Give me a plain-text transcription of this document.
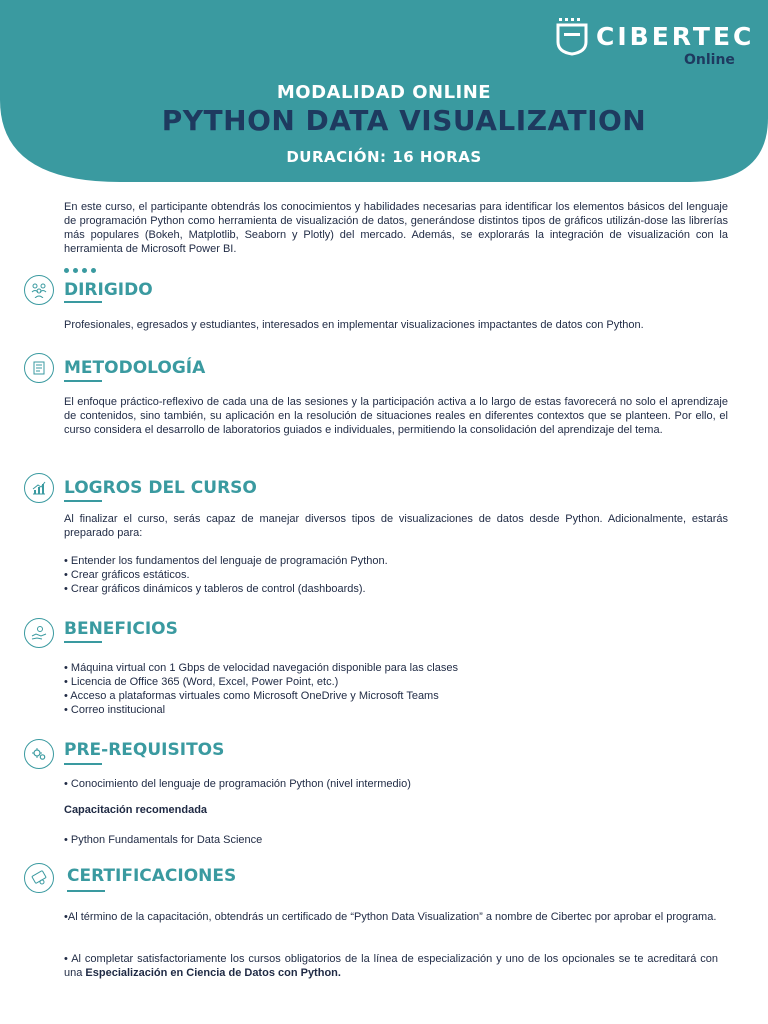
CIBERTEC
Online
MODALIDAD ONLINE
PYTHON DATA VISUALIZATION
DURACIÓN: 16 HORAS

En este curso, el participante obtendrás los conocimientos y habilidades necesarias para identificar los elementos básicos del lenguaje de programación Python como herramienta de visualización de datos, generándose distintos tipos de gráficos utilizán-dose las librerías más populares (Bokeh, Matplotlib, Seaborn y Plotly) del mercado. Además, se explorarás la integración de visualización con la herramienta de Microsoft Power BI.

DIRIGIDO

Profesionales, egresados y estudiantes, interesados en implementar visualizaciones impactantes de datos con Python.

METODOLOGÍA

El enfoque práctico-reflexivo de cada una de las sesiones y la participación activa a lo largo de estas favorecerá no solo el aprendizaje de contenidos, sino también, su aplicación en la resolución de situaciones reales en diferentes contextos que se planteen. Por ello, el curso considera el desarrollo de laboratorios guiados e individuales, permitiendo la consolidación del aprendizaje del tema.

LOGROS DEL CURSO

Al finalizar el curso, serás capaz de manejar diversos tipos de visualizaciones de datos desde Python. Adicionalmente, estarás preparado para:

• Entender los fundamentos del lenguaje de programación Python.
• Crear gráficos estáticos.
• Crear gráficos dinámicos y tableros de control (dashboards).
BENEFICIOS
• Máquina virtual con 1 Gbps de velocidad navegación disponible para las clases
• Licencia de Office 365 (Word, Excel, Power Point, etc.)
• Acceso a plataformas virtuales como Microsoft OneDrive y Microsoft Teams
• Correo institucional
PRE-REQUISITOS
• Conocimiento del lenguaje de programación Python (nivel intermedio)
Capacitación recomendada
• Python Fundamentals for Data Science
CERTIFICACIONES

•Al término de la capacitación, obtendrás un certificado de “Python Data Visualization” a nombre de Cibertec por aprobar el programa.

• Al completar satisfactoriamente los cursos obligatorios de la línea de especialización y uno de los opcionales se te acreditará con una Especialización en Ciencia de Datos con Python.
